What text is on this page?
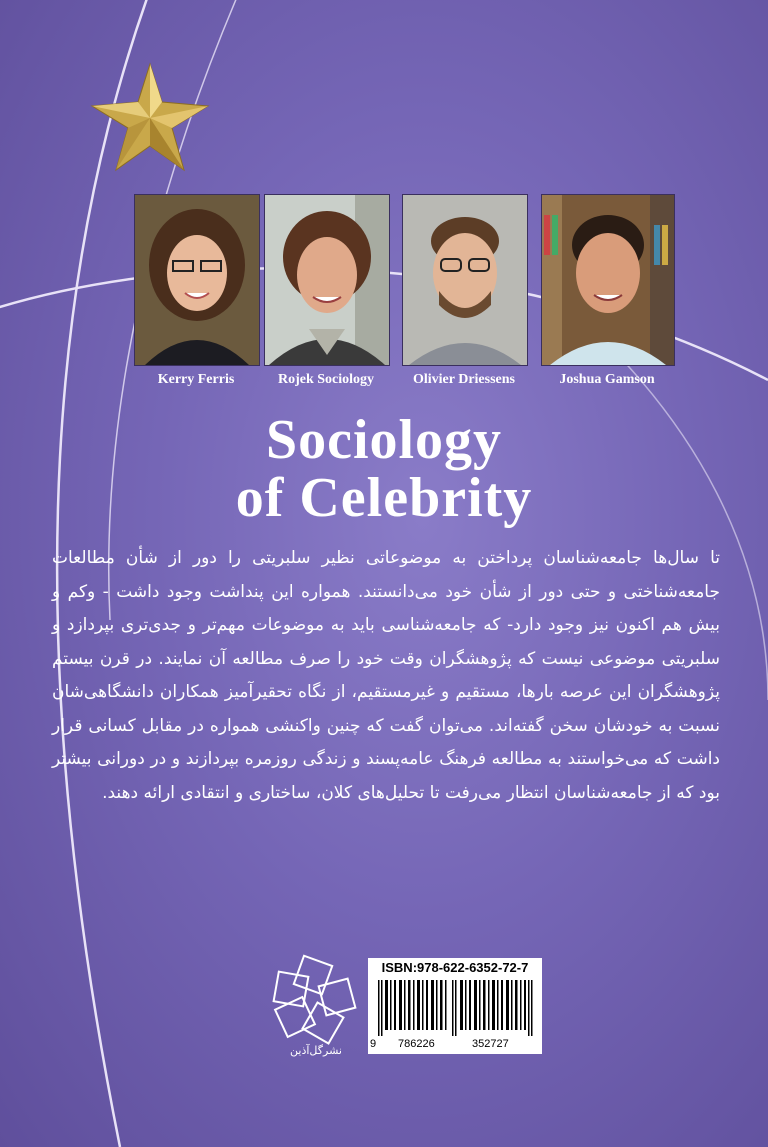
Kerry Ferris	Rojek Sociology	Olivier Driessens	Joshua Gamson
Sociology
of Celebrity
تا سال‌ها جامعه‌شناسان پرداختن به موضوعاتی نظیر سلبریتی را دور از شأن مطالعات جامعه‌شناختی و حتی دور از شأن خود می‌دانستند. همواره این پنداشت وجود داشت - وکم و بیش هم اکنون نیز وجود دارد- که جامعه‌شناسی باید به موضوعات مهم‌تر و جدی‌تری بپردازد و سلبریتی موضوعی نیست که پژوهشگران وقت خود را صرف مطالعه آن نمایند. در قرن بیستم پژوهشگران این عرصه بارها، مستقیم و غیرمستقیم، از نگاه تحقیرآمیز همکاران دانشگاهی‌شان نسبت به خودشان سخن گفته‌اند. می‌توان گفت که چنین واکنشی همواره در مقابل کسانی قرار داشت که می‌خواستند به مطالعه فرهنگ عامه‌پسند و زندگی روزمره بپردازند و در دورانی بیشتر بود که از جامعه‌شناسان انتظار می‌رفت تا تحلیل‌های کلان، ساختاری و انتقادی ارائه دهند.
نشرگل‌آذین
ISBN:978-622-6352-72-7
9 786226	352727
